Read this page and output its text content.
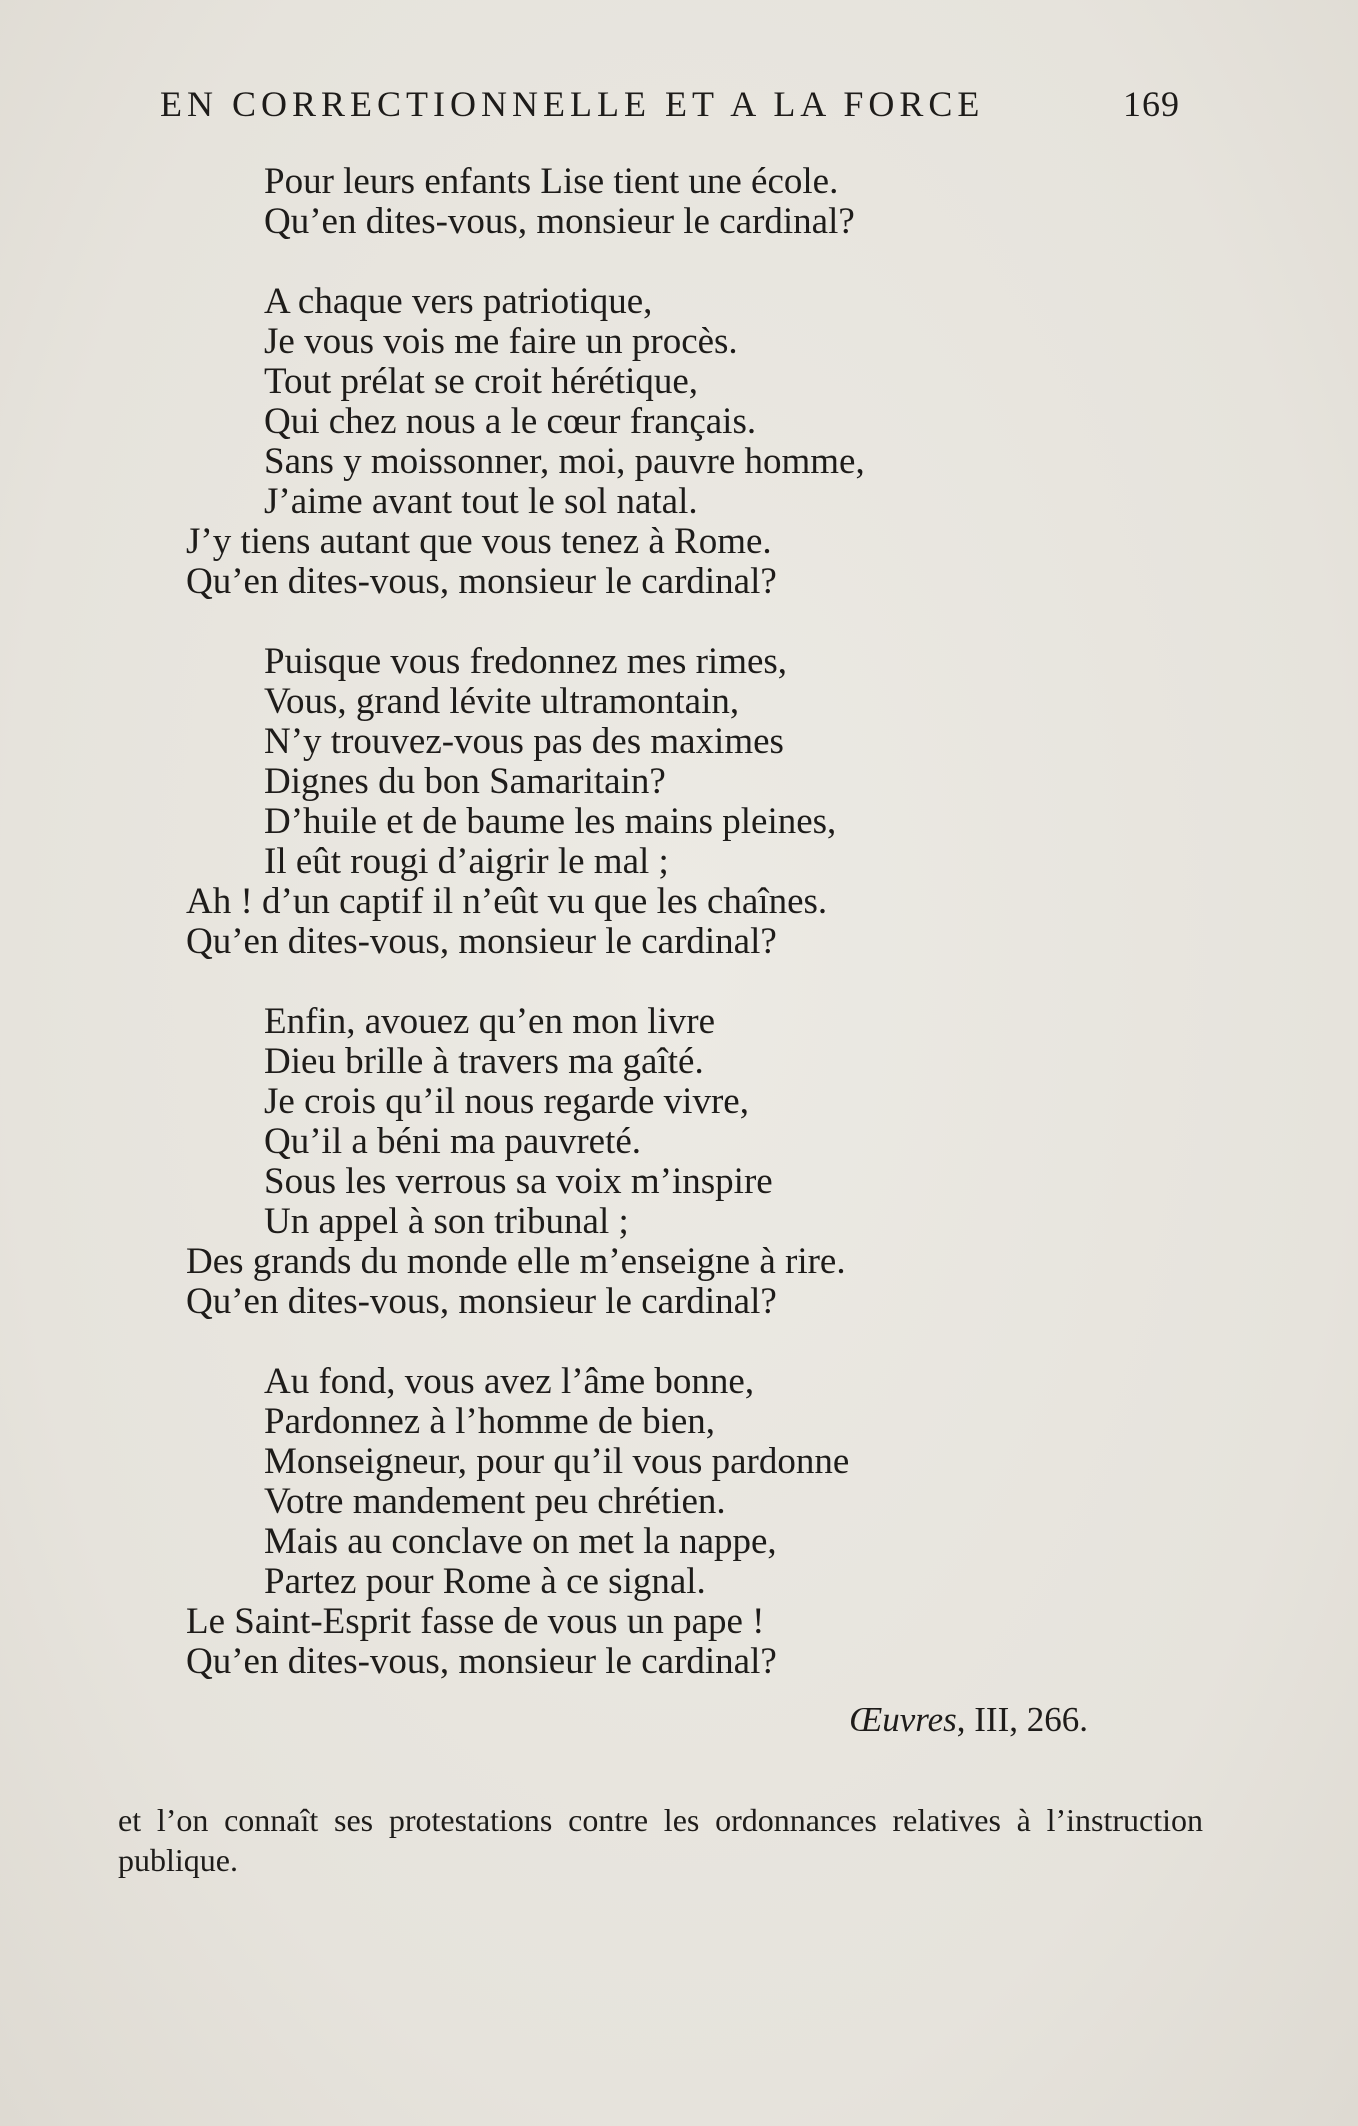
EN CORRECTIONNELLE ET A LA FORCE	169
Pour leurs enfants Lise tient une école.
Qu’en dites-vous, monsieur le cardinal?
A chaque vers patriotique,
Je vous vois me faire un procès.
Tout prélat se croit hérétique,
Qui chez nous a le cœur français.
Sans y moissonner, moi, pauvre homme,
J’aime avant tout le sol natal.
J’y tiens autant que vous tenez à Rome.
Qu’en dites-vous, monsieur le cardinal?
Puisque vous fredonnez mes rimes,
Vous, grand lévite ultramontain,
N’y trouvez-vous pas des maximes
Dignes du bon Samaritain?
D’huile et de baume les mains pleines,
Il eût rougi d’aigrir le mal ;
Ah ! d’un captif il n’eût vu que les chaînes.
Qu’en dites-vous, monsieur le cardinal?
Enfin, avouez qu’en mon livre
Dieu brille à travers ma gaîté.
Je crois qu’il nous regarde vivre,
Qu’il a béni ma pauvreté.
Sous les verrous sa voix m’inspire
Un appel à son tribunal ;
Des grands du monde elle m’enseigne à rire.
Qu’en dites-vous, monsieur le cardinal?
Au fond, vous avez l’âme bonne,
Pardonnez à l’homme de bien,
Monseigneur, pour qu’il vous pardonne
Votre mandement peu chrétien.
Mais au conclave on met la nappe,
Partez pour Rome à ce signal.
Le Saint-Esprit fasse de vous un pape !
Qu’en dites-vous, monsieur le cardinal?
Œuvres, III, 266.

et l’on connaît ses protestations contre les ordonnances relatives à l’instruction publique.
